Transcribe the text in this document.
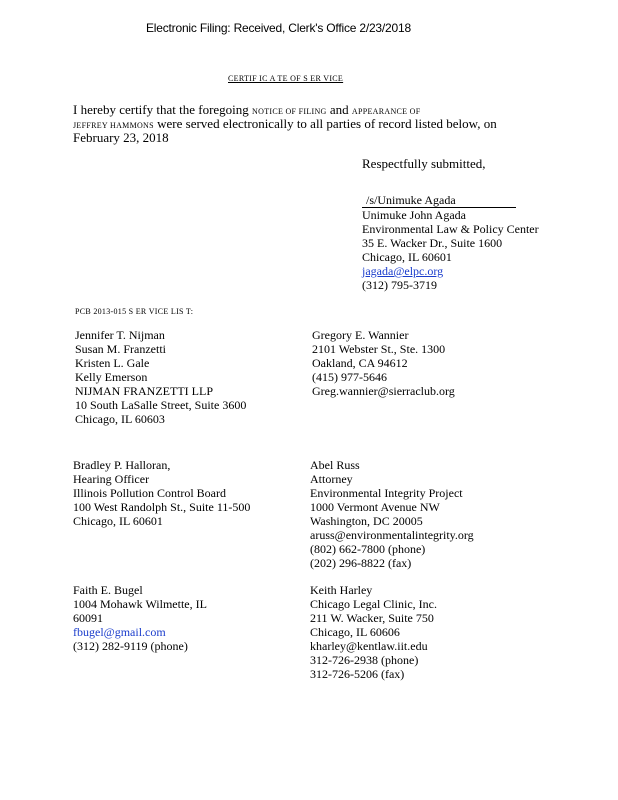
Electronic Filing: Received, Clerk's Office 2/23/2018
CERTIF IC A TE OF S ER VICE
I hereby certify that the foregoing NOTICE OF FILING and APPEARANCE OF
JEFFREY HAMMONS were served electronically to all parties of record listed below, on
February 23, 2018
Respectfully submitted,
/s/Unimuke Agada
Unimuke John Agada
Environmental Law & Policy Center
35 E. Wacker Dr., Suite 1600
Chicago, IL 60601
jagada@elpc.org
(312) 795-3719
PCB 2013-015 S ER VICE LIS T:
Jennifer T. Nijman
Susan M. Franzetti
Kristen L. Gale
Kelly Emerson
NIJMAN FRANZETTI LLP
10 South LaSalle Street, Suite 3600
Chicago, IL 60603
Gregory E. Wannier
2101 Webster St., Ste. 1300
Oakland, CA 94612
(415) 977-5646
Greg.wannier@sierraclub.org
Bradley P. Halloran,
Hearing Officer
Illinois Pollution Control Board
100 West Randolph St., Suite 11-500
Chicago, IL 60601
Abel Russ
Attorney
Environmental Integrity Project
1000 Vermont Avenue NW
Washington, DC 20005
aruss@environmentalintegrity.org
(802) 662-7800 (phone)
(202) 296-8822 (fax)
Faith E. Bugel
1004 Mohawk Wilmette, IL
60091
fbugel@gmail.com
(312) 282-9119 (phone)
Keith Harley
Chicago Legal Clinic, Inc.
211 W. Wacker, Suite 750
Chicago, IL 60606
kharley@kentlaw.iit.edu
312-726-2938 (phone)
312-726-5206 (fax)
